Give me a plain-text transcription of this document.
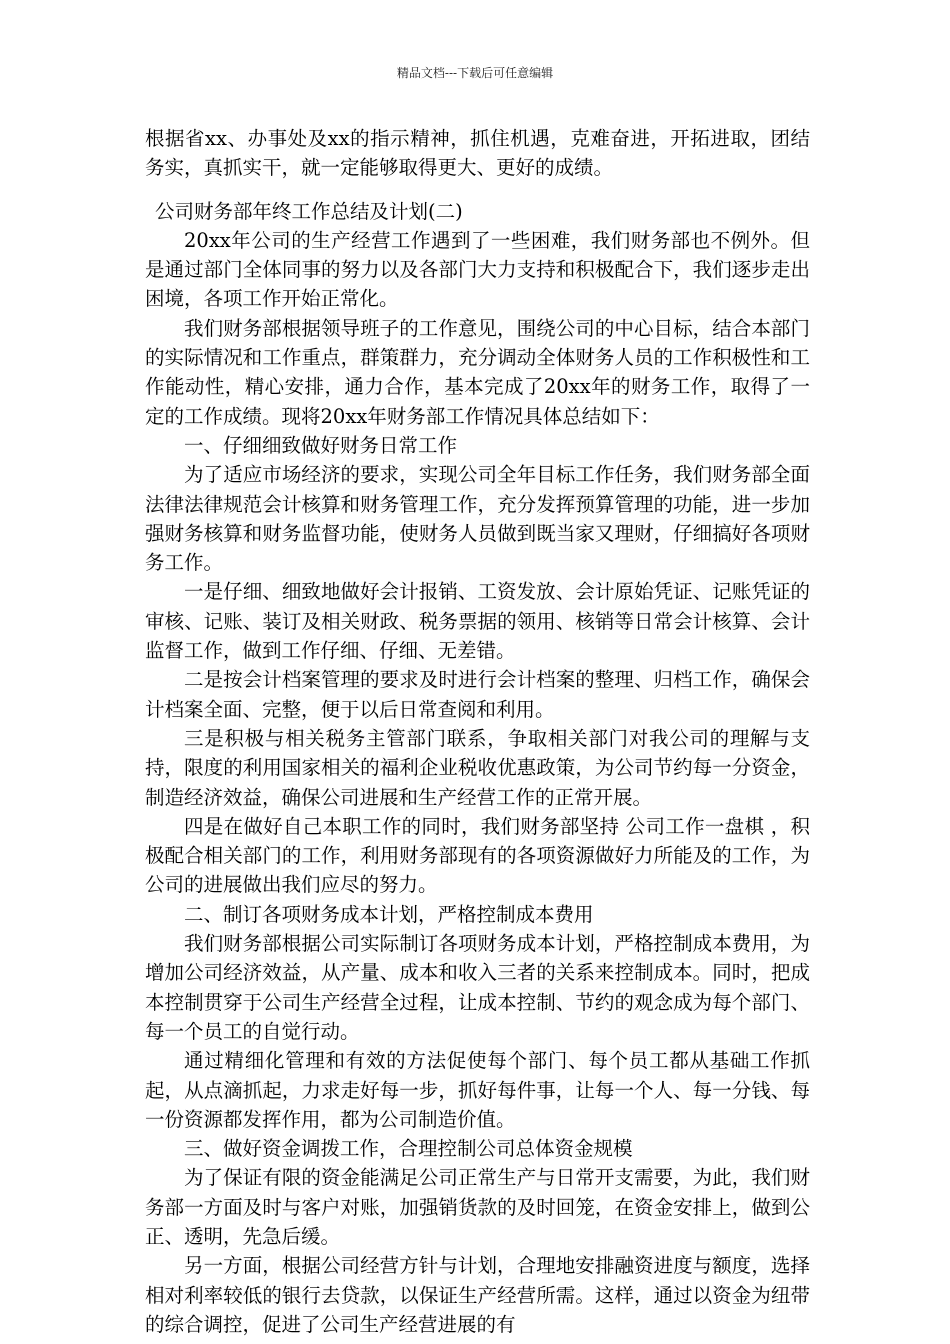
精品文档---下载后可任意编辑

根据省xx、办事处及xx的指示精神，抓住机遇，克难奋进，开拓进取，团结务实，真抓实干，就一定能够取得更大、更好的成绩。

公司财务部年终工作总结及计划(二)

20xx年公司的生产经营工作遇到了一些困难，我们财务部也不例外。但是通过部门全体同事的努力以及各部门大力支持和积极配合下，我们逐步走出困境，各项工作开始正常化。

我们财务部根据领导班子的工作意见，围绕公司的中心目标，结合本部门的实际情况和工作重点，群策群力，充分调动全体财务人员的工作积极性和工作能动性，精心安排，通力合作，基本完成了20xx年的财务工作，取得了一定的工作成绩。现将20xx年财务部工作情况具体总结如下：

一、仔细细致做好财务日常工作

为了适应市场经济的要求，实现公司全年目标工作任务，我们财务部全面法律法律规范会计核算和财务管理工作，充分发挥预算管理的功能，进一步加强财务核算和财务监督功能，使财务人员做到既当家又理财，仔细搞好各项财务工作。

一是仔细、细致地做好会计报销、工资发放、会计原始凭证、记账凭证的审核、记账、装订及相关财政、税务票据的领用、核销等日常会计核算、会计监督工作，做到工作仔细、仔细、无差错。

二是按会计档案管理的要求及时进行会计档案的整理、归档工作，确保会计档案全面、完整，便于以后日常查阅和利用。

三是积极与相关税务主管部门联系，争取相关部门对我公司的理解与支持，限度的利用国家相关的福利企业税收优惠政策，为公司节约每一分资金，制造经济效益，确保公司进展和生产经营工作的正常开展。

四是在做好自己本职工作的同时，我们财务部坚持 公司工作一盘棋 ，积极配合相关部门的工作，利用财务部现有的各项资源做好力所能及的工作，为公司的进展做出我们应尽的努力。

二、制订各项财务成本计划，严格控制成本费用

我们财务部根据公司实际制订各项财务成本计划，严格控制成本费用，为增加公司经济效益，从产量、成本和收入三者的关系来控制成本。同时，把成本控制贯穿于公司生产经营全过程，让成本控制、节约的观念成为每个部门、每一个员工的自觉行动。

通过精细化管理和有效的方法促使每个部门、每个员工都从基础工作抓起，从点滴抓起，力求走好每一步，抓好每件事，让每一个人、每一分钱、每一份资源都发挥作用，都为公司制造价值。

三、做好资金调拨工作，合理控制公司总体资金规模

为了保证有限的资金能满足公司正常生产与日常开支需要，为此，我们财务部一方面及时与客户对账，加强销货款的及时回笼，在资金安排上，做到公正、透明，先急后缓。

另一方面，根据公司经营方针与计划，合理地安排融资进度与额度，选择相对利率较低的银行去贷款，以保证生产经营所需。这样，通过以资金为纽带的综合调控，促进了公司生产经营进展的有
